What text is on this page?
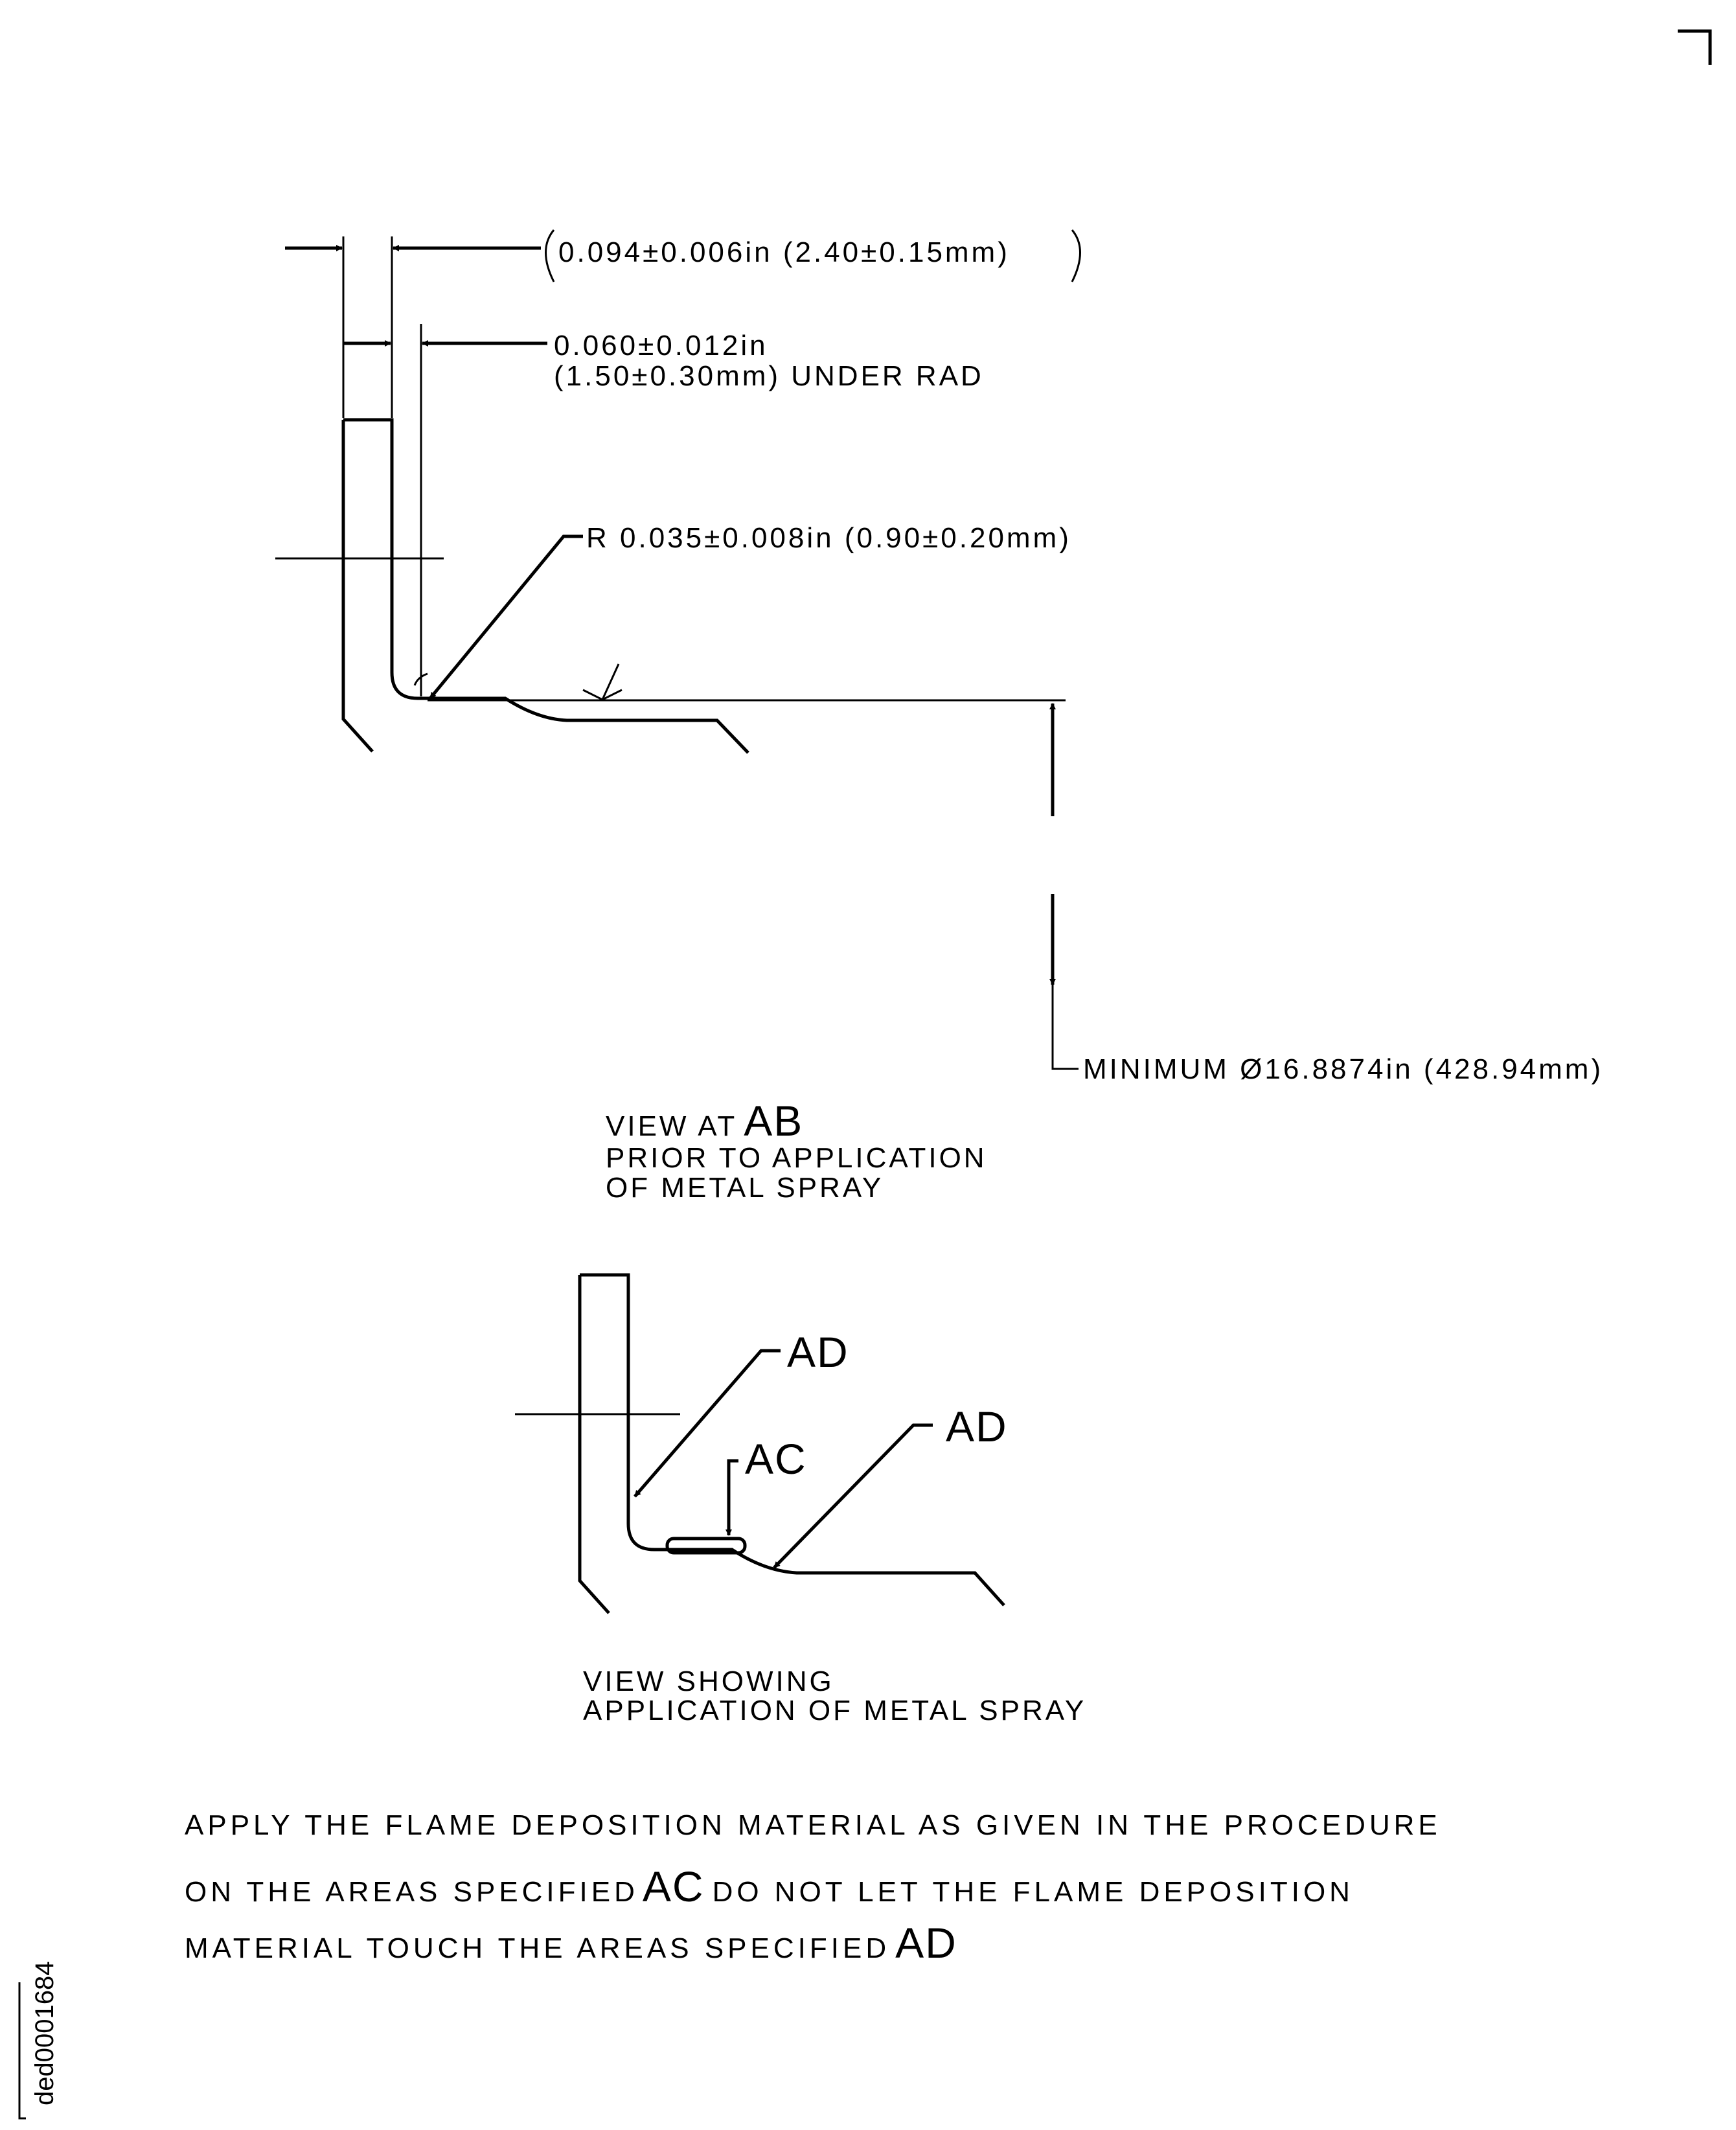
0.094±0.006in (2.40±0.15mm)
0.060±0.012in
(1.50±0.30mm) UNDER RAD
R 0.035±0.008in (0.90±0.20mm)
MINIMUM Ø16.8874in (428.94mm)
VIEW AT AB
PRIOR TO APPLICATION
OF METAL SPRAY
AD
AC
AD
VIEW SHOWING
APPLICATION OF METAL SPRAY
APPLY THE FLAME DEPOSITION MATERIAL AS GIVEN IN THE PROCEDURE
ON THE AREAS SPECIFIEDAC DO NOT LET THE FLAME DEPOSITION
MATERIAL TOUCH THE AREAS SPECIFIED AD
ded0001684
